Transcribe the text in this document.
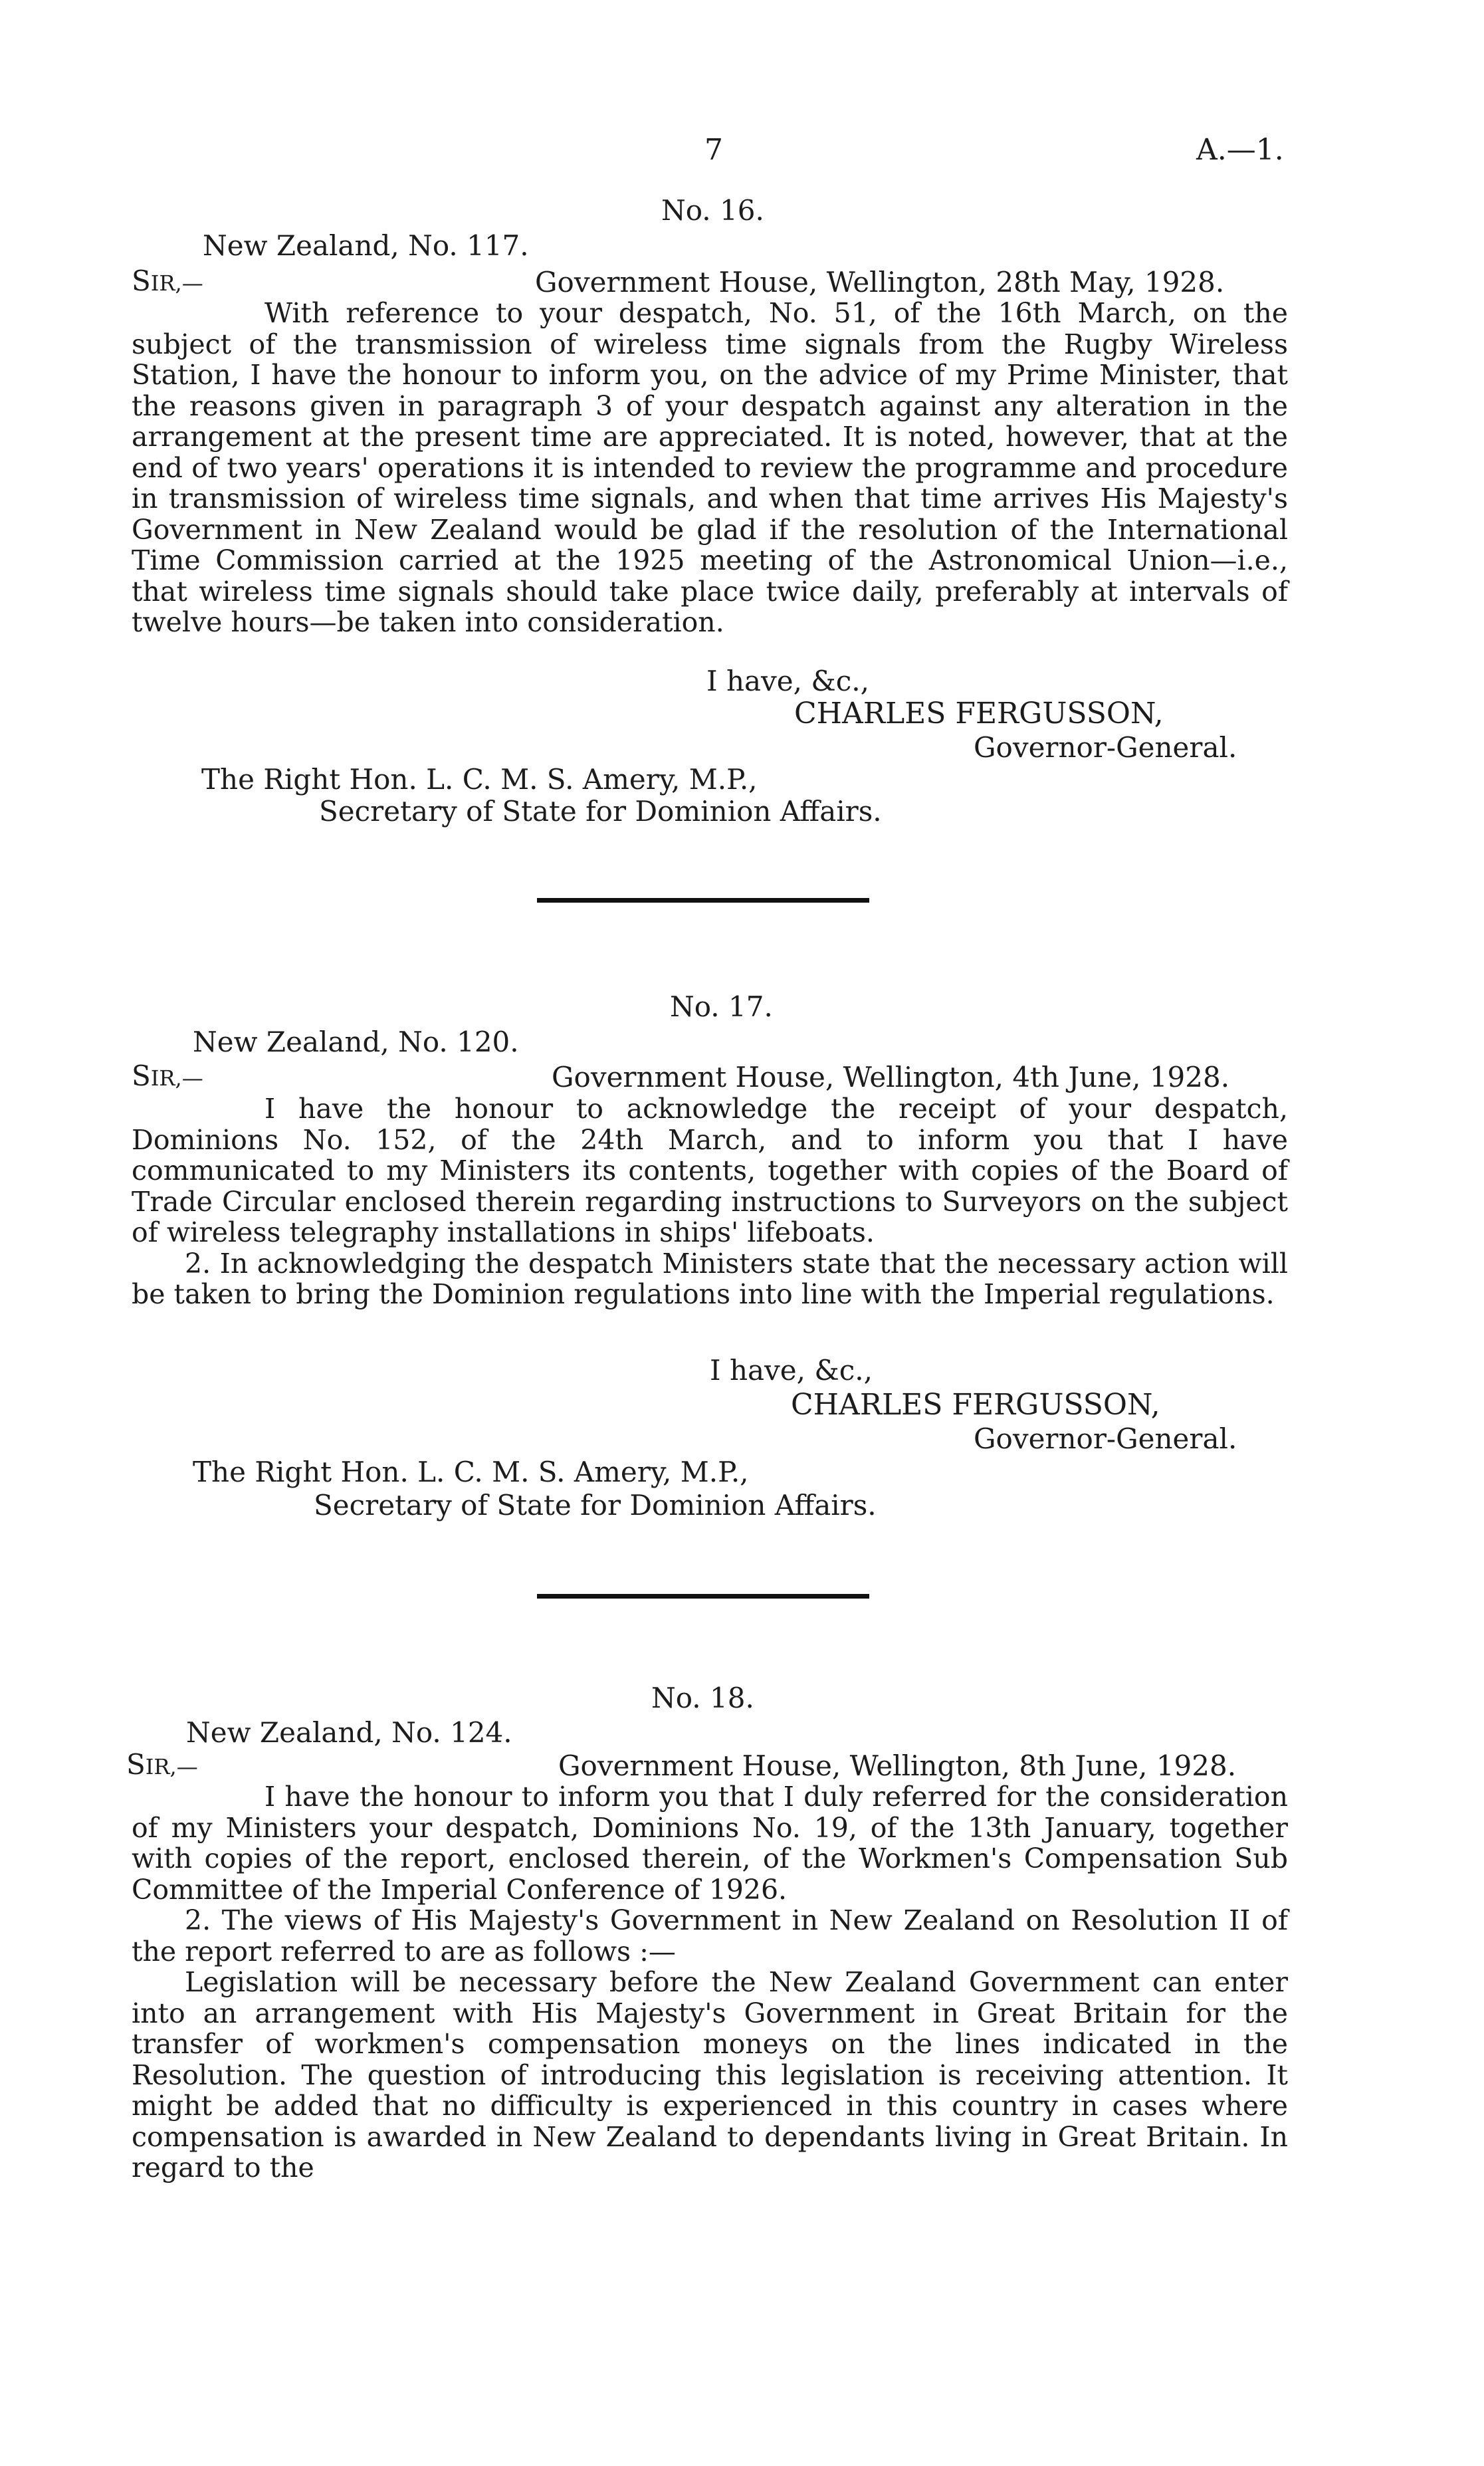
7	A.—1.
No. 16.
New Zealand, No. 117.
SIR,—	Government House, Wellington, 28th May, 1928.

With reference to your despatch, No. 51, of the 16th March, on the subject of the transmission of wireless time signals from the Rugby Wireless Station, I have the honour to inform you, on the advice of my Prime Minister, that the reasons given in paragraph 3 of your despatch against any alteration in the arrangement at the present time are appreciated. It is noted, however, that at the end of two years' operations it is intended to review the programme and procedure in transmission of wireless time signals, and when that time arrives His Majesty's Government in New Zealand would be glad if the resolution of the International Time Commission carried at the 1925 meeting of the Astronomical Union—i.e., that wireless time signals should take place twice daily, preferably at intervals of twelve hours—be taken into consideration.

I have, &c.,
CHARLES FERGUSSON,
Governor-General.
The Right Hon. L. C. M. S. Amery, M.P.,
Secretary of State for Dominion Affairs.
No. 17.
New Zealand, No. 120.
SIR,—	Government House, Wellington, 4th June, 1928.

I have the honour to acknowledge the receipt of your despatch, Dominions No. 152, of the 24th March, and to inform you that I have communicated to my Ministers its contents, together with copies of the Board of Trade Circular enclosed therein regarding instructions to Surveyors on the subject of wireless telegraphy installations in ships' lifeboats.

2. In acknowledging the despatch Ministers state that the necessary action will be taken to bring the Dominion regulations into line with the Imperial regulations.

I have, &c.,
CHARLES FERGUSSON,
Governor-General.
The Right Hon. L. C. M. S. Amery, M.P.,
Secretary of State for Dominion Affairs.
No. 18.
New Zealand, No. 124.
SIR,—	Government House, Wellington, 8th June, 1928.

I have the honour to inform you that I duly referred for the consideration of my Ministers your despatch, Dominions No. 19, of the 13th January, together with copies of the report, enclosed therein, of the Workmen's Compensation Sub Committee of the Imperial Conference of 1926.

2. The views of His Majesty's Government in New Zealand on Resolution II of the report referred to are as follows :—

Legislation will be necessary before the New Zealand Government can enter into an arrangement with His Majesty's Government in Great Britain for the transfer of workmen's compensation moneys on the lines indicated in the Resolution. The question of introducing this legislation is receiving attention. It might be added that no difficulty is experienced in this country in cases where compensation is awarded in New Zealand to dependants living in Great Britain. In regard to the
